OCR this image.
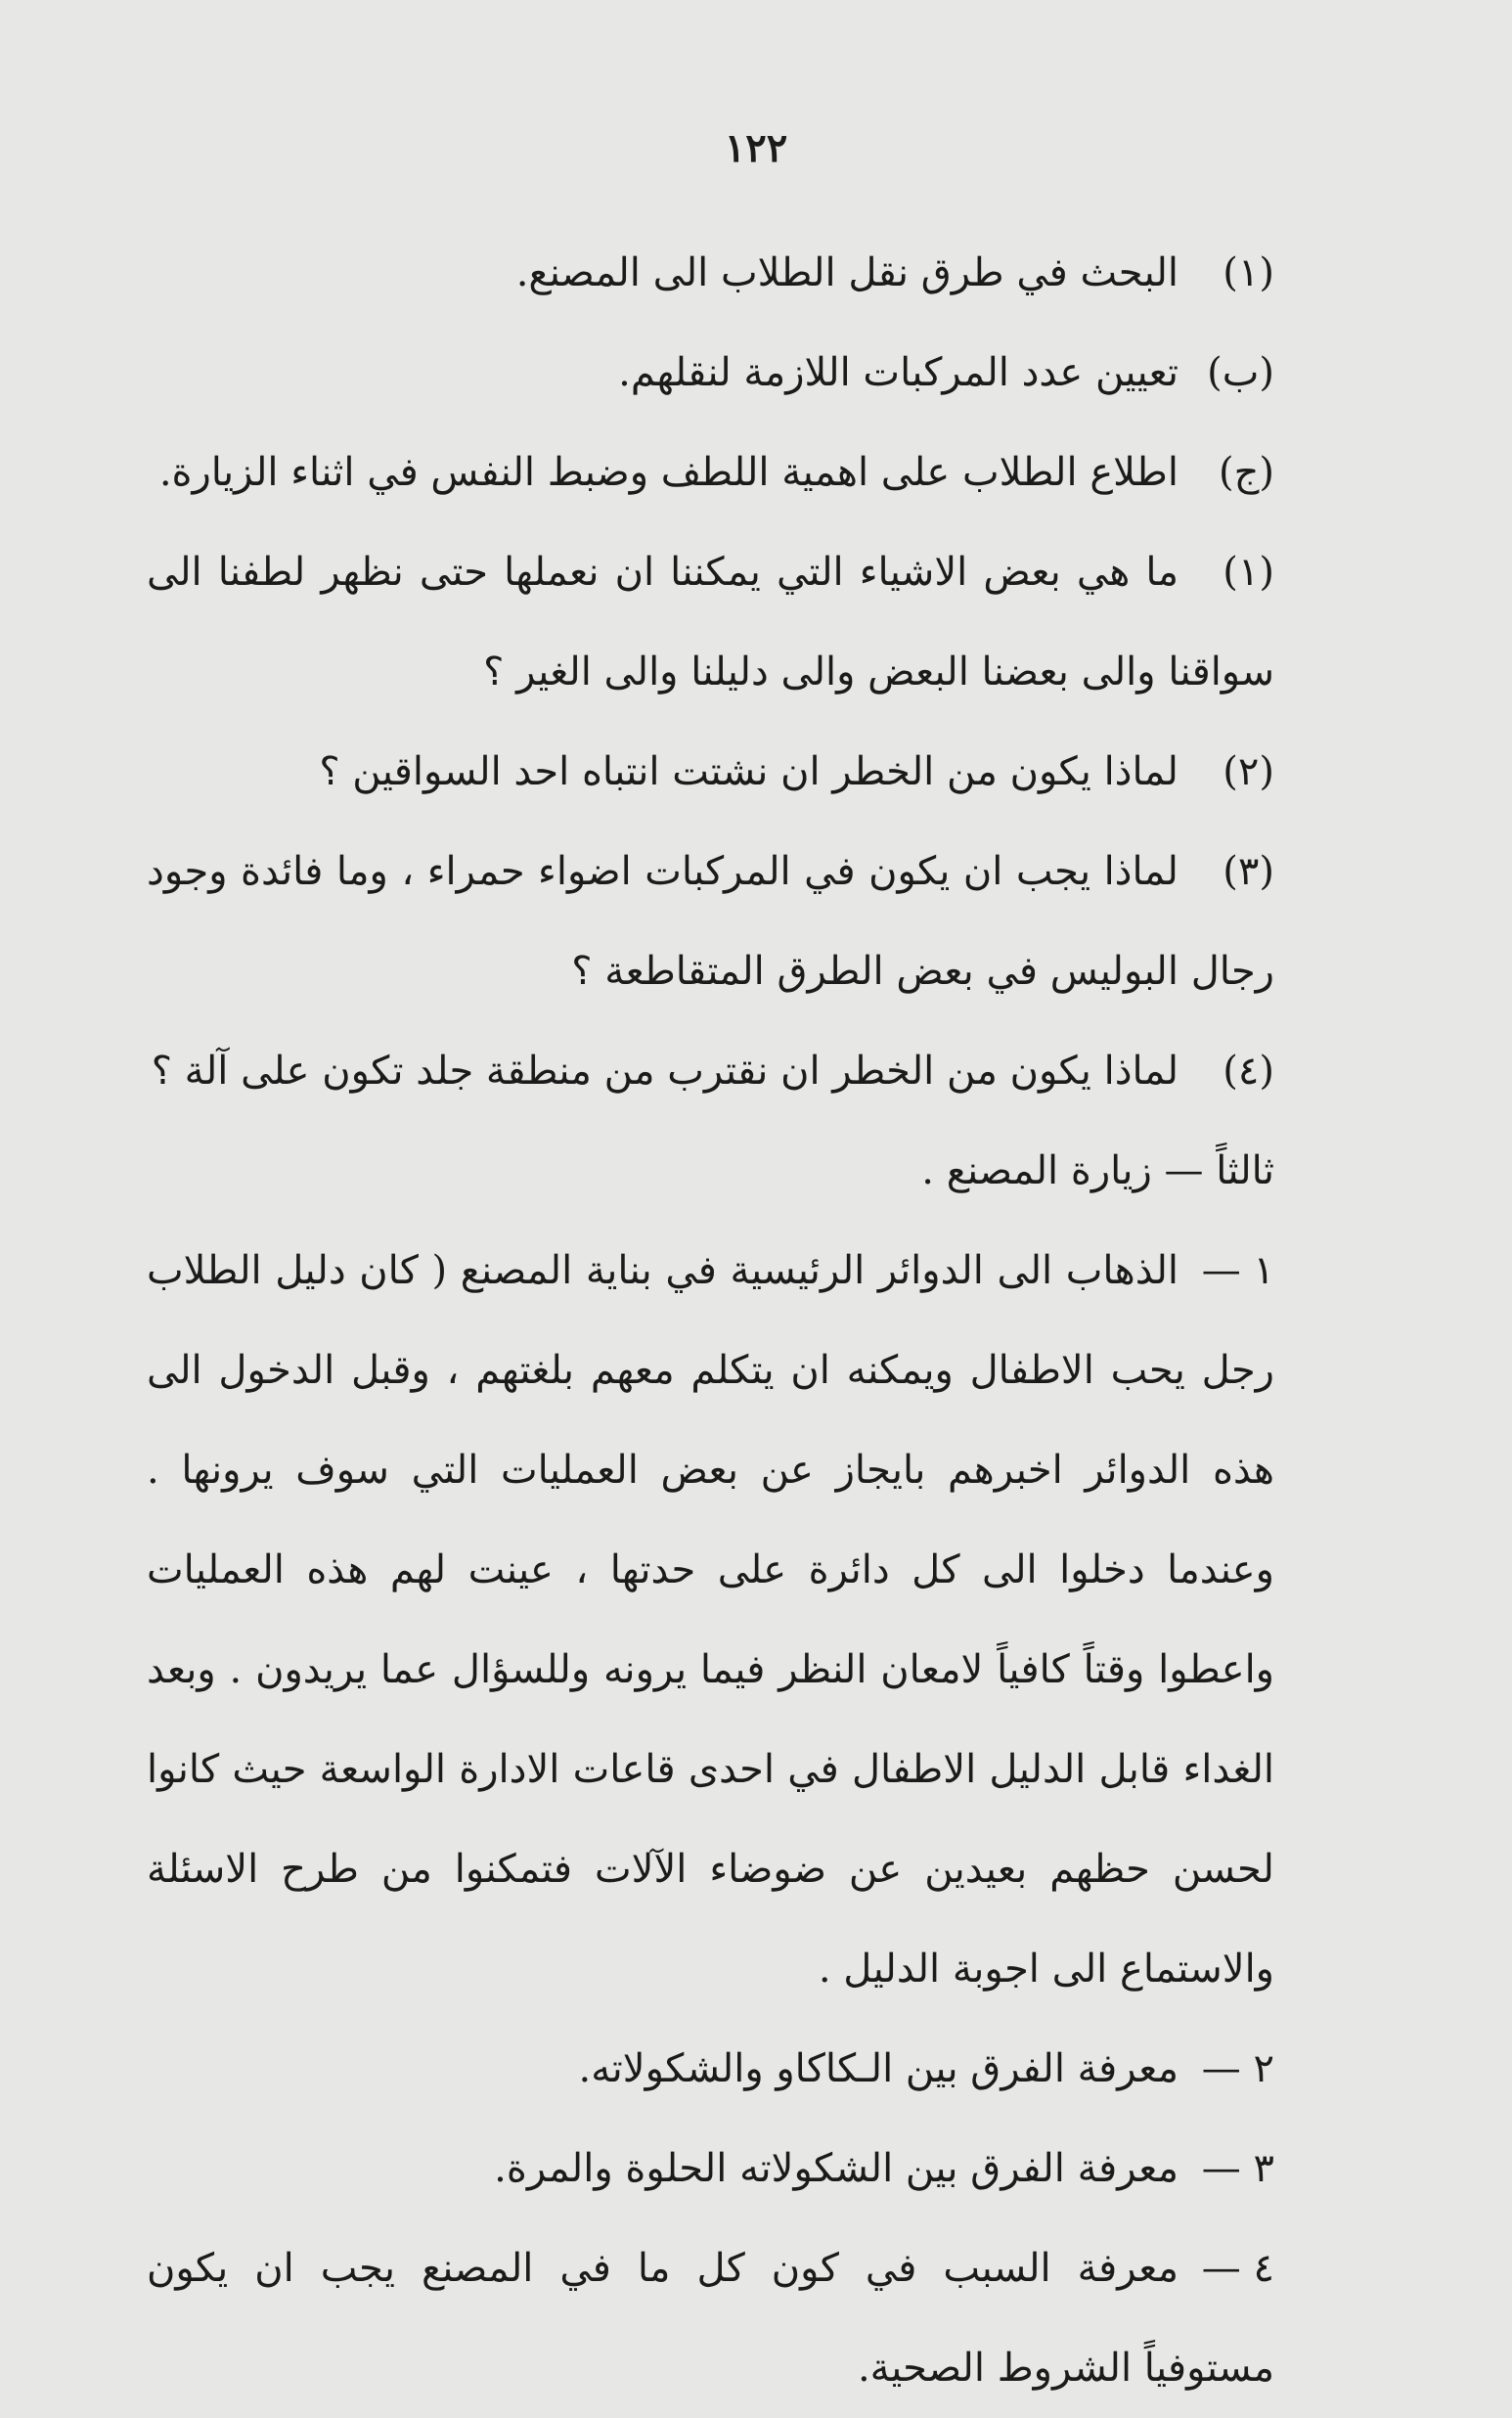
١٢٢

(١)البحث في طرق نقل الطلاب الى المصنع.

(ب)تعيين عدد المركبات اللازمة لنقلهم.

(ج)اطلاع الطلاب على اهمية اللطف وضبط النفس في اثناء الزيارة.

(١)ما هي بعض الاشياء التي يمكننا ان نعملها حتى نظهر لطفنا الى سواقنا والى بعضنا البعض والى دليلنا والى الغير ؟

(٢)لماذا يكون من الخطر ان نشتت انتباه احد السواقين ؟

(٣)لماذا يجب ان يكون في المركبات اضواء حمراء ، وما فائدة وجود رجال البوليس في بعض الطرق المتقاطعة ؟

(٤)لماذا يكون من الخطر ان نقترب من منطقة جلد تكون على آلة ؟

ثالثاً — زيارة المصنع .

١ —الذهاب الى الدوائر الرئيسية في بناية المصنع ( كان دليل الطلاب رجل يحب الاطفال ويمكنه ان يتكلم معهم بلغتهم ، وقبل الدخول الى هذه الدوائر اخبرهم بايجاز عن بعض العمليات التي سوف يرونها . وعندما دخلوا الى كل دائرة على حدتها ، عينت لهم هذه العمليات واعطوا وقتاً كافياً لامعان النظر فيما يرونه وللسؤال عما يريدون . وبعد الغداء قابل الدليل الاطفال في احدى قاعات الادارة الواسعة حيث كانوا لحسن حظهم بعيدين عن ضوضاء الآلات فتمكنوا من طرح الاسئلة والاستماع الى اجوبة الدليل .

٢ —معرفة الفرق بين الـكاكاو والشكولاته.

٣ —معرفة الفرق بين الشكولاته الحلوة والمرة.

٤ —معرفة السبب في كون كل ما في المصنع يجب ان يكون مستوفياً الشروط الصحية.
